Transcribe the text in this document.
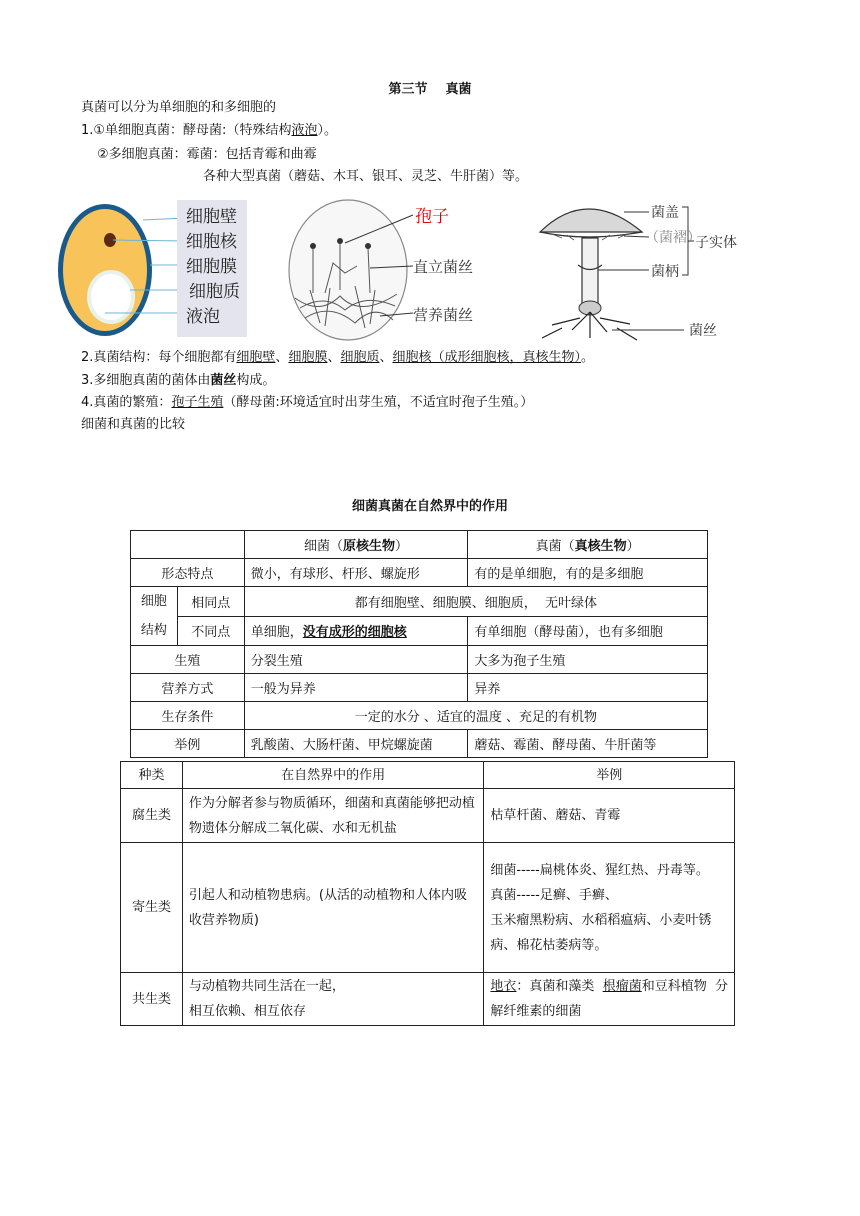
第三节 真菌
真菌可以分为单细胞的和多细胞的
1.①单细胞真菌：酵母菌:（特殊结构液泡）。
②多细胞真菌：霉菌：包括青霉和曲霉
各种大型真菌（蘑菇、木耳、银耳、灵芝、牛肝菌）等。
细胞壁
细胞核
细胞膜
细胞质
液泡
孢子
直立菌丝
营养菌丝
菌盖
（菌褶）
菌柄
子实体
菌丝
2.真菌结构：每个细胞都有细胞壁、细胞膜、细胞质、细胞核（成形细胞核，真核生物）。
3.多细胞真菌的菌体由菌丝构成。
4.真菌的繁殖：孢子生殖（酵母菌:环境适宜时出芽生殖，不适宜时孢子生殖。）
细菌和真菌的比较
细菌真菌在自然界中的作用
		细菌（原核生物）	真菌（真核生物）
形态特点		微小，有球形、杆形、螺旋形	有的是单细胞，有的是多细胞
细胞
结构	相同点	都有细胞壁、细胞膜、细胞质，  无叶绿体	
	不同点	单细胞，没有成形的细胞核	有单细胞（酵母菌），也有多细胞
生殖		分裂生殖	大多为孢子生殖
营养方式		一般为异养	异养
生存条件		一定的水分 、适宜的温度 、充足的有机物	
举例		乳酸菌、大肠杆菌、甲烷螺旋菌	蘑菇、霉菌、酵母菌、牛肝菌等
种类	在自然界中的作用	举例
腐生类	作为分解者参与物质循环，细菌和真菌能够把动植物遗体分解成二氧化碳、水和无机盐	枯草杆菌、蘑菇、青霉
寄生类	引起人和动植物患病。(从活的动植物和人体内吸收营养物质)	细菌-----扁桃体炎、猩红热、丹毒等。
真菌-----足癣、手癣、
玉米瘤黑粉病、水稻稻瘟病、小麦叶锈病、棉花枯萎病等。

共生类	与动植物共同生活在一起，
相互依赖、相互依存	地衣：真菌和藻类  根瘤菌和豆科植物  分解纤维素的细菌
